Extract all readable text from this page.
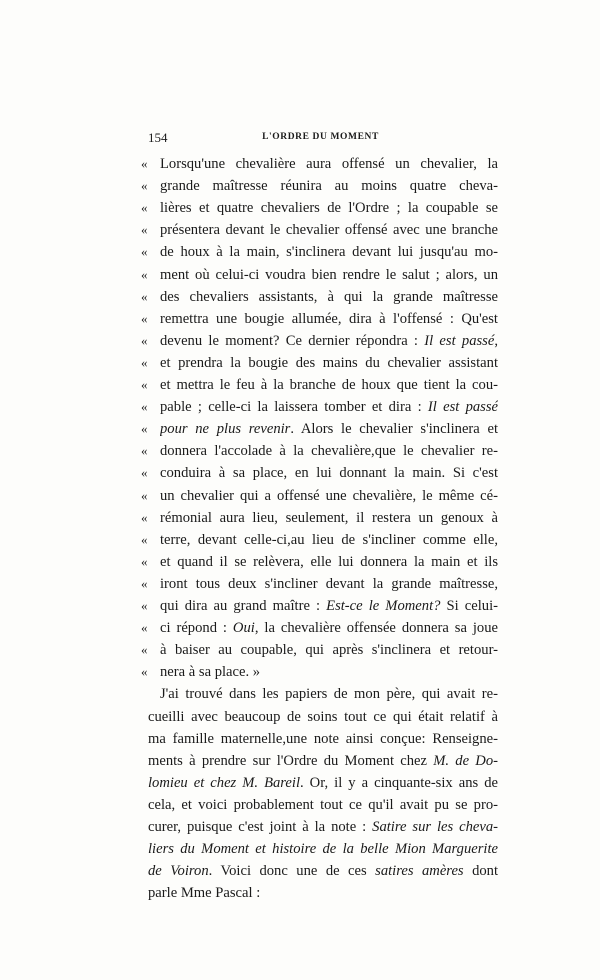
154	L'ORDRE DU MOMENT
« Lorsqu'une chevalière aura offensé un chevalier, la
« grande maîtresse réunira au moins quatre cheva-
« lières et quatre chevaliers de l'Ordre ; la coupable se
« présentera devant le chevalier offensé avec une branche
« de houx à la main, s'inclinera devant lui jusqu'au mo-
« ment où celui-ci voudra bien rendre le salut ; alors, un
« des chevaliers assistants, à qui la grande maîtresse
« remettra une bougie allumée, dira à l'offensé : Qu'est
« devenu le moment? Ce dernier répondra : Il est passé,
« et prendra la bougie des mains du chevalier assistant
« et mettra le feu à la branche de houx que tient la cou-
« pable ; celle-ci la laissera tomber et dira : Il est passé
« pour ne plus revenir. Alors le chevalier s'inclinera et
« donnera l'accolade à la chevalière,que le chevalier re-
« conduira à sa place, en lui donnant la main. Si c'est
« un chevalier qui a offensé une chevalière, le même cé-
« rémonial aura lieu, seulement, il restera un genoux à
« terre, devant celle-ci,au lieu de s'incliner comme elle,
« et quand il se relèvera, elle lui donnera la main et ils
« iront tous deux s'incliner devant la grande maîtresse,
« qui dira au grand maître : Est-ce le Moment? Si celui-
« ci répond : Oui, la chevalière offensée donnera sa joue
« à baiser au coupable, qui après s'inclinera et retour-
« nera à sa place. »
J'ai trouvé dans les papiers de mon père, qui avait re-
cueilli avec beaucoup de soins tout ce qui était relatif à
ma famille maternelle,une note ainsi conçue: Renseigne-
ments à prendre sur l'Ordre du Moment chez M. de Do-
lomieu et chez M. Bareil. Or, il y a cinquante-six ans de
cela, et voici probablement tout ce qu'il avait pu se pro-
curer, puisque c'est joint à la note : Satire sur les cheva-
liers du Moment et histoire de la belle Mion Marguerite
de Voiron. Voici donc une de ces satires amères dont
parle Mme Pascal :
